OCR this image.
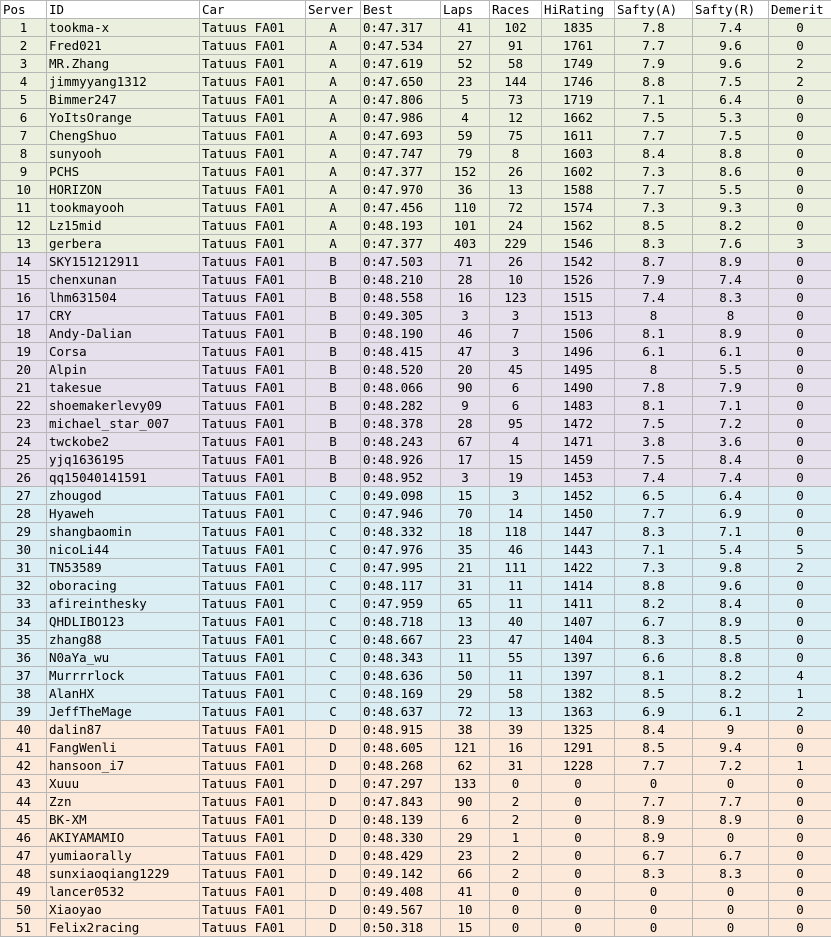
Pos	ID	Car	Server	Best	Laps	Races	HiRating	Safty(A)	Safty(R)	Demerit
1	tookma-x	Tatuus FA01	A	0:47.317	41	102	1835	7.8	7.4	0
2	Fred021	Tatuus FA01	A	0:47.534	27	91	1761	7.7	9.6	0
3	MR.Zhang	Tatuus FA01	A	0:47.619	52	58	1749	7.9	9.6	2
4	jimmyyang1312	Tatuus FA01	A	0:47.650	23	144	1746	8.8	7.5	2
5	Bimmer247	Tatuus FA01	A	0:47.806	5	73	1719	7.1	6.4	0
6	YoItsOrange	Tatuus FA01	A	0:47.986	4	12	1662	7.5	5.3	0
7	ChengShuo	Tatuus FA01	A	0:47.693	59	75	1611	7.7	7.5	0
8	sunyooh	Tatuus FA01	A	0:47.747	79	8	1603	8.4	8.8	0
9	PCHS	Tatuus FA01	A	0:47.377	152	26	1602	7.3	8.6	0
10	HORIZON	Tatuus FA01	A	0:47.970	36	13	1588	7.7	5.5	0
11	tookmayooh	Tatuus FA01	A	0:47.456	110	72	1574	7.3	9.3	0
12	Lz15mid	Tatuus FA01	A	0:48.193	101	24	1562	8.5	8.2	0
13	gerbera	Tatuus FA01	A	0:47.377	403	229	1546	8.3	7.6	3
14	SKY151212911	Tatuus FA01	B	0:47.503	71	26	1542	8.7	8.9	0
15	chenxunan	Tatuus FA01	B	0:48.210	28	10	1526	7.9	7.4	0
16	lhm631504	Tatuus FA01	B	0:48.558	16	123	1515	7.4	8.3	0
17	CRY	Tatuus FA01	B	0:49.305	3	3	1513	8	8	0
18	Andy-Dalian	Tatuus FA01	B	0:48.190	46	7	1506	8.1	8.9	0
19	Corsa	Tatuus FA01	B	0:48.415	47	3	1496	6.1	6.1	0
20	Alpin	Tatuus FA01	B	0:48.520	20	45	1495	8	5.5	0
21	takesue	Tatuus FA01	B	0:48.066	90	6	1490	7.8	7.9	0
22	shoemakerlevy09	Tatuus FA01	B	0:48.282	9	6	1483	8.1	7.1	0
23	michael_star_007	Tatuus FA01	B	0:48.378	28	95	1472	7.5	7.2	0
24	twckobe2	Tatuus FA01	B	0:48.243	67	4	1471	3.8	3.6	0
25	yjq1636195	Tatuus FA01	B	0:48.926	17	15	1459	7.5	8.4	0
26	qq15040141591	Tatuus FA01	B	0:48.952	3	19	1453	7.4	7.4	0
27	zhougod	Tatuus FA01	C	0:49.098	15	3	1452	6.5	6.4	0
28	Hyaweh	Tatuus FA01	C	0:47.946	70	14	1450	7.7	6.9	0
29	shangbaomin	Tatuus FA01	C	0:48.332	18	118	1447	8.3	7.1	0
30	nicoLi44	Tatuus FA01	C	0:47.976	35	46	1443	7.1	5.4	5
31	TN53589	Tatuus FA01	C	0:47.995	21	111	1422	7.3	9.8	2
32	oboracing	Tatuus FA01	C	0:48.117	31	11	1414	8.8	9.6	0
33	afireinthesky	Tatuus FA01	C	0:47.959	65	11	1411	8.2	8.4	0
34	QHDLIBO123	Tatuus FA01	C	0:48.718	13	40	1407	6.7	8.9	0
35	zhang88	Tatuus FA01	C	0:48.667	23	47	1404	8.3	8.5	0
36	N0aYa_wu	Tatuus FA01	C	0:48.343	11	55	1397	6.6	8.8	0
37	Murrrrlock	Tatuus FA01	C	0:48.636	50	11	1397	8.1	8.2	4
38	AlanHX	Tatuus FA01	C	0:48.169	29	58	1382	8.5	8.2	1
39	JeffTheMage	Tatuus FA01	C	0:48.637	72	13	1363	6.9	6.1	2
40	dalin87	Tatuus FA01	D	0:48.915	38	39	1325	8.4	9	0
41	FangWenli	Tatuus FA01	D	0:48.605	121	16	1291	8.5	9.4	0
42	hansoon_i7	Tatuus FA01	D	0:48.268	62	31	1228	7.7	7.2	1
43	Xuuu	Tatuus FA01	D	0:47.297	133	0	0	0	0	0
44	Zzn	Tatuus FA01	D	0:47.843	90	2	0	7.7	7.7	0
45	BK-XM	Tatuus FA01	D	0:48.139	6	2	0	8.9	8.9	0
46	AKIYAMAMIO	Tatuus FA01	D	0:48.330	29	1	0	8.9	0	0
47	yumiaorally	Tatuus FA01	D	0:48.429	23	2	0	6.7	6.7	0
48	sunxiaoqiang1229	Tatuus FA01	D	0:49.142	66	2	0	8.3	8.3	0
49	lancer0532	Tatuus FA01	D	0:49.408	41	0	0	0	0	0
50	Xiaoyao	Tatuus FA01	D	0:49.567	10	0	0	0	0	0
51	Felix2racing	Tatuus FA01	D	0:50.318	15	0	0	0	0	0
